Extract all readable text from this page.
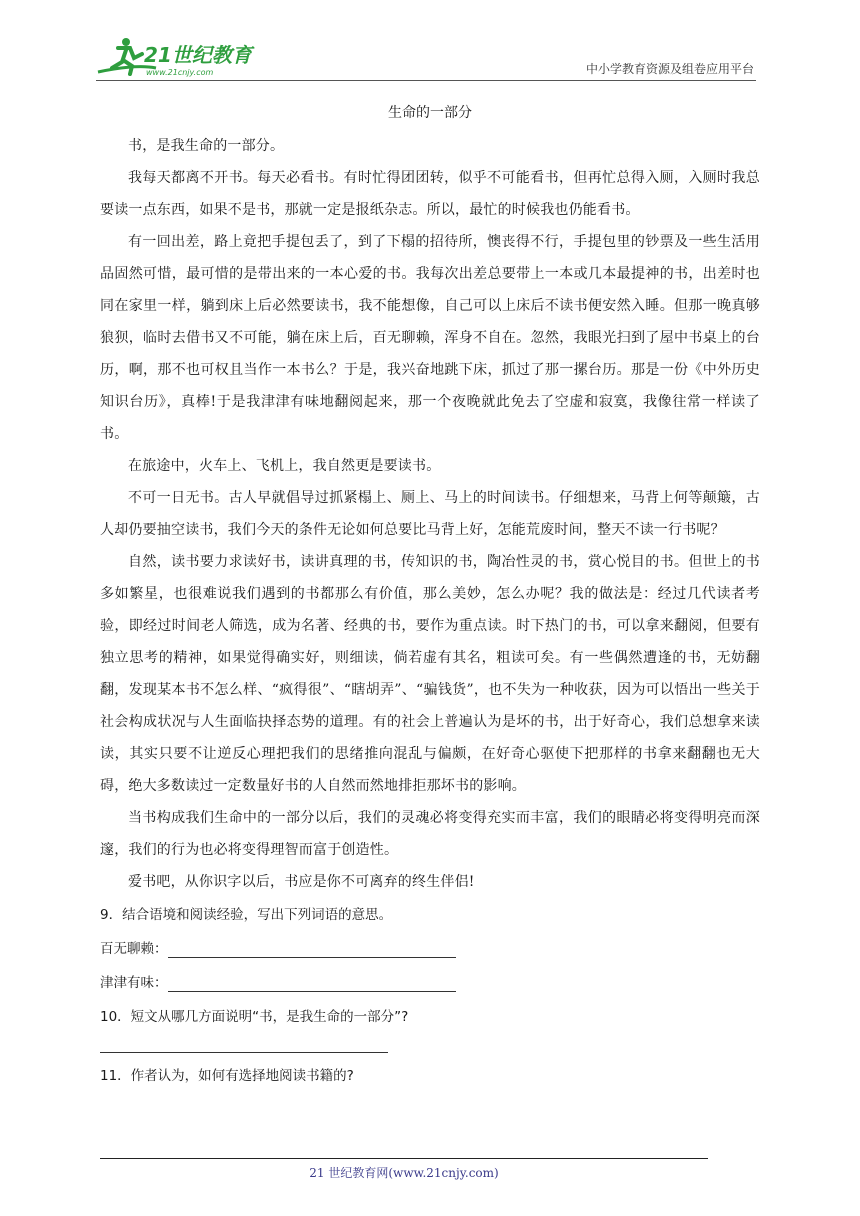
21世纪教育
www.21cnjy.com	中小学教育资源及组卷应用平台

生命的一部分

书，是我生命的一部分。

我每天都离不开书。每天必看书。有时忙得团团转，似乎不可能看书，但再忙总得入厕，入厕时我总要读一点东西，如果不是书，那就一定是报纸杂志。所以，最忙的时候我也仍能看书。

有一回出差，路上竟把手提包丢了，到了下榻的招待所，懊丧得不行，手提包里的钞票及一些生活用品固然可惜，最可惜的是带出来的一本心爱的书。我每次出差总要带上一本或几本最提神的书，出差时也同在家里一样，躺到床上后必然要读书，我不能想像，自己可以上床后不读书便安然入睡。但那一晚真够狼狈，临时去借书又不可能，躺在床上后，百无聊赖，浑身不自在。忽然，我眼光扫到了屋中书桌上的台历，啊，那不也可权且当作一本书么？于是，我兴奋地跳下床，抓过了那一摞台历。那是一份《中外历史知识台历》，真棒!于是我津津有味地翻阅起来，那一个夜晚就此免去了空虚和寂寞，我像往常一样读了书。

在旅途中，火车上、飞机上，我自然更是要读书。

不可一日无书。古人早就倡导过抓紧榻上、厕上、马上的时间读书。仔细想来，马背上何等颠簸，古人却仍要抽空读书，我们今天的条件无论如何总要比马背上好，怎能荒废时间，整天不读一行书呢？

自然，读书要力求读好书，读讲真理的书，传知识的书，陶冶性灵的书，赏心悦目的书。但世上的书多如繁星，也很难说我们遇到的书都那么有价值，那么美妙，怎么办呢？我的做法是：经过几代读者考验，即经过时间老人筛选，成为名著、经典的书，要作为重点读。时下热门的书，可以拿来翻阅，但要有独立思考的精神，如果觉得确实好，则细读，倘若虚有其名，粗读可矣。有一些偶然遭逢的书，无妨翻翻，发现某本书不怎么样、“疯得很”、“瞎胡弄”、“骗钱货”，也不失为一种收获，因为可以悟出一些关于社会构成状况与人生面临抉择态势的道理。有的社会上普遍认为是坏的书，出于好奇心，我们总想拿来读读，其实只要不让逆反心理把我们的思绪推向混乱与偏颇，在好奇心驱使下把那样的书拿来翻翻也无大碍，绝大多数读过一定数量好书的人自然而然地排拒那坏书的影响。

当书构成我们生命中的一部分以后，我们的灵魂必将变得充实而丰富，我们的眼睛必将变得明亮而深邃，我们的行为也必将变得理智而富于创造性。

爱书吧，从你识字以后，书应是你不可离弃的终生伴侣!

9．结合语境和阅读经验，写出下列词语的意思。

百无聊赖：
津津有味：

10．短文从哪几方面说明“书，是我生命的一部分”?

11．作者认为，如何有选择地阅读书籍的?

21 世纪教育网(www.21cnjy.com)
